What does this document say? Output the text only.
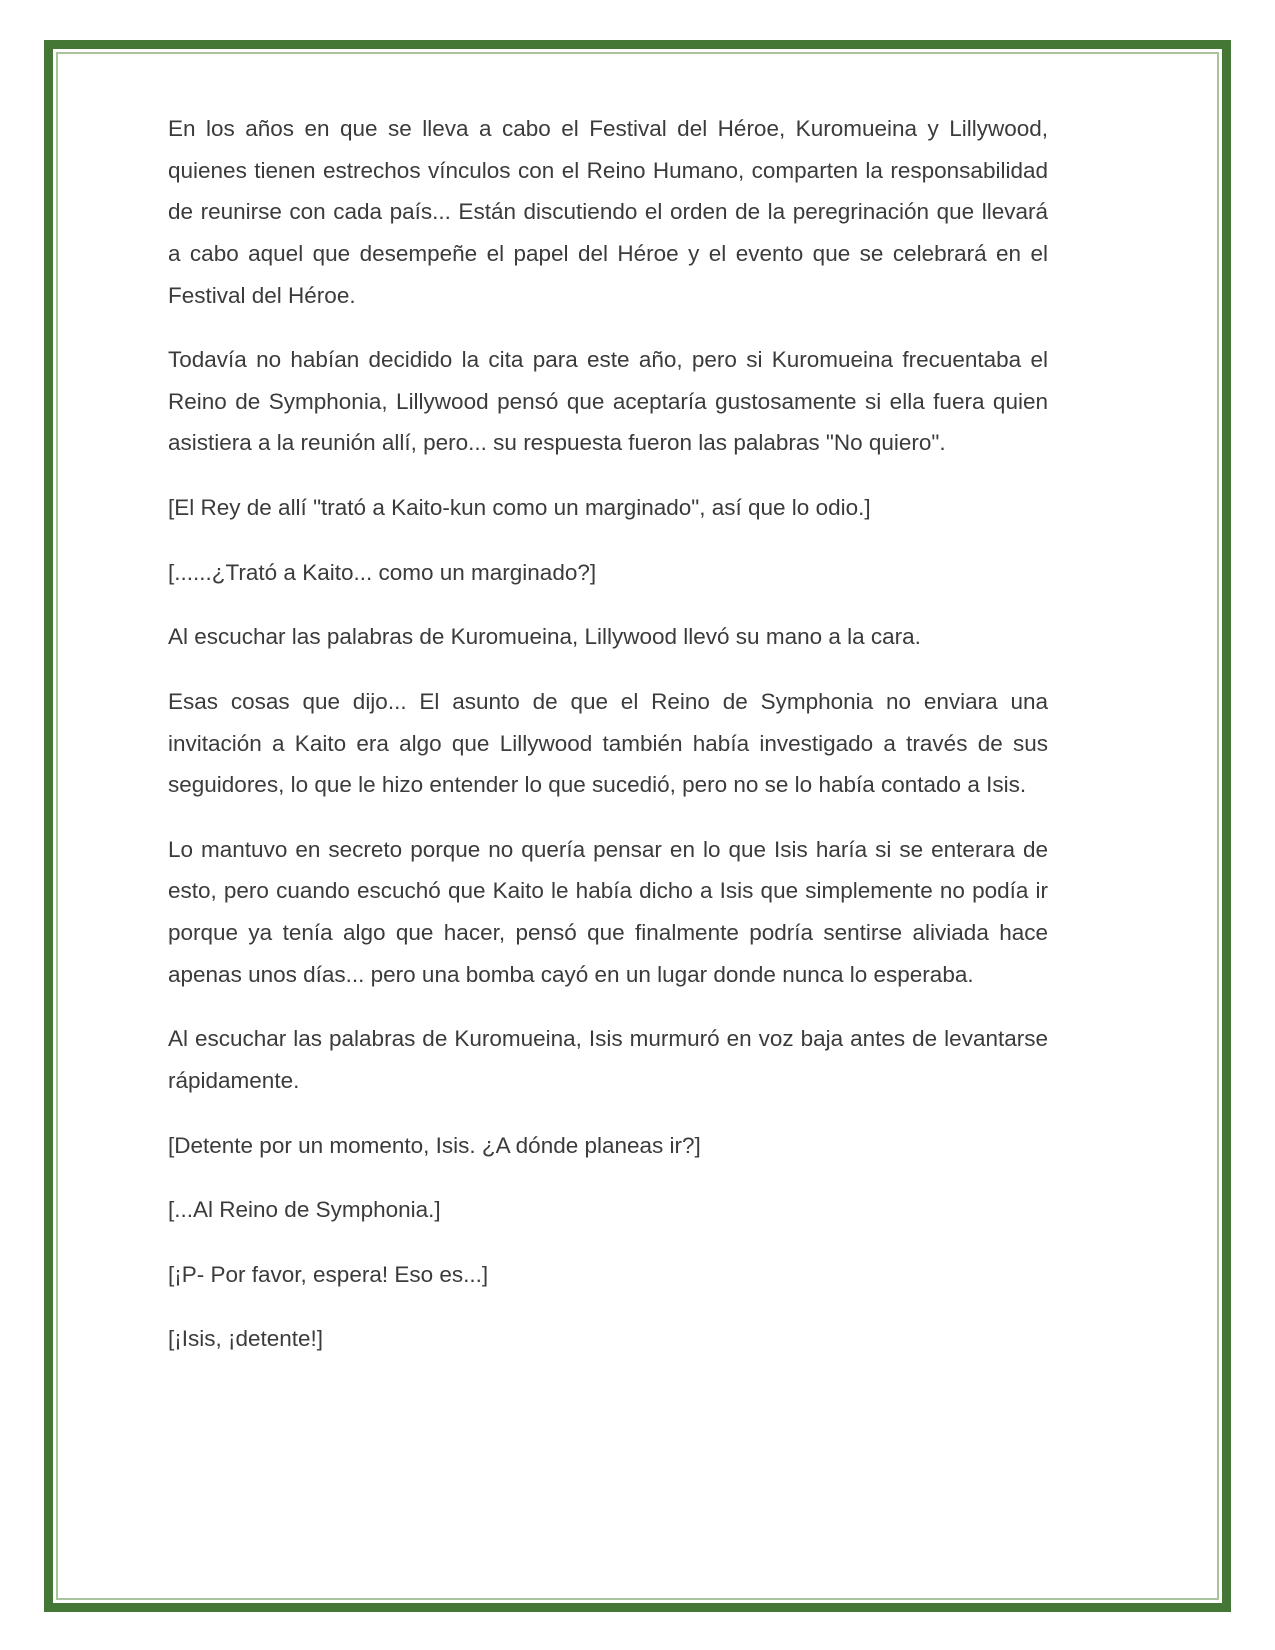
En los años en que se lleva a cabo el Festival del Héroe, Kuromueina y Lillywood, quienes tienen estrechos vínculos con el Reino Humano, comparten la responsabilidad de reunirse con cada país... Están discutiendo el orden de la peregrinación que llevará a cabo aquel que desempeñe el papel del Héroe y el evento que se celebrará en el Festival del Héroe.

Todavía no habían decidido la cita para este año, pero si Kuromueina frecuentaba el Reino de Symphonia, Lillywood pensó que aceptaría gustosamente si ella fuera quien asistiera a la reunión allí, pero... su respuesta fueron las palabras "No quiero".

[El Rey de allí "trató a Kaito-kun como un marginado", así que lo odio.]

[......¿Trató a Kaito... como un marginado?]

Al escuchar las palabras de Kuromueina, Lillywood llevó su mano a la cara.

Esas cosas que dijo... El asunto de que el Reino de Symphonia no enviara una invitación a Kaito era algo que Lillywood también había investigado a través de sus seguidores, lo que le hizo entender lo que sucedió, pero no se lo había contado a Isis.

Lo mantuvo en secreto porque no quería pensar en lo que Isis haría si se enterara de esto, pero cuando escuchó que Kaito le había dicho a Isis que simplemente no podía ir porque ya tenía algo que hacer, pensó que finalmente podría sentirse aliviada hace apenas unos días... pero una bomba cayó en un lugar donde nunca lo esperaba.

Al escuchar las palabras de Kuromueina, Isis murmuró en voz baja antes de levantarse rápidamente.

[Detente por un momento, Isis. ¿A dónde planeas ir?]

[...Al Reino de Symphonia.]

[¡P- Por favor, espera! Eso es...]

[¡Isis, ¡detente!]
